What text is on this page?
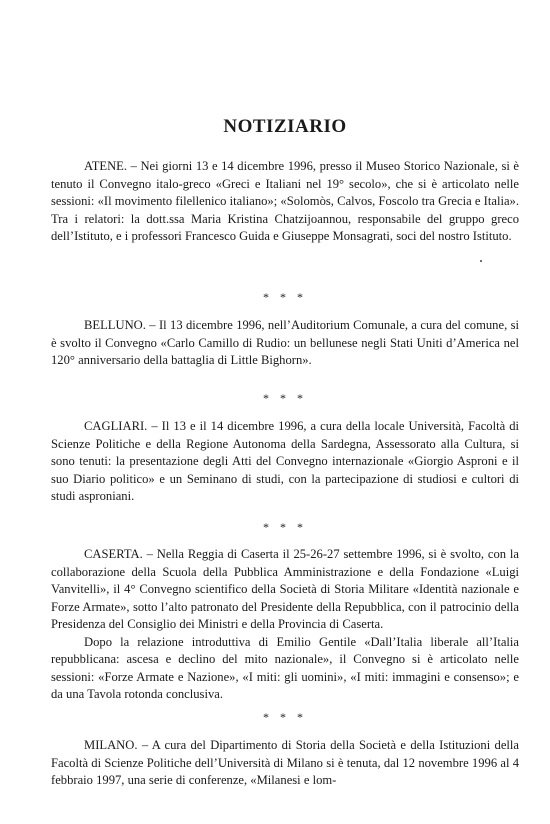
NOTIZIARIO

ATENE. – Nei giorni 13 e 14 dicembre 1996, presso il Museo Storico Nazionale, si è tenuto il Convegno italo-greco «Greci e Italiani nel 19° secolo», che si è articolato nelle sessioni: «Il movimento filellenico italiano»; «Solomòs, Calvos, Foscolo tra Grecia e Italia». Tra i relatori: la dott.ssa Maria Kristina Chatzijoannou, responsabile del gruppo greco dell’Istituto, e i professori Francesco Guida e Giuseppe Monsagrati, soci del nostro Istituto.

* * *

BELLUNO. – Il 13 dicembre 1996, nell’Auditorium Comunale, a cura del comune, si è svolto il Convegno «Carlo Camillo di Rudio: un bellunese negli Stati Uniti d’America nel 120° anniversario della battaglia di Little Bighorn».

* * *

CAGLIARI. – Il 13 e il 14 dicembre 1996, a cura della locale Università, Facoltà di Scienze Politiche e della Regione Autonoma della Sardegna, Assessorato alla Cultura, si sono tenuti: la presentazione degli Atti del Convegno internazionale «Giorgio Asproni e il suo Diario politico» e un Seminano di studi, con la partecipazione di studiosi e cultori di studi asproniani.

* * *

CASERTA. – Nella Reggia di Caserta il 25-26-27 settembre 1996, si è svolto, con la collaborazione della Scuola della Pubblica Amministrazione e della Fondazione «Luigi Vanvitelli», il 4° Convegno scientifico della Società di Storia Militare «Identità nazionale e Forze Armate», sotto l’alto patronato del Presidente della Repubblica, con il patrocinio della Presidenza del Consiglio dei Ministri e della Provincia di Caserta.

Dopo la relazione introduttiva di Emilio Gentile «Dall’Italia liberale all’Italia repubblicana: ascesa e declino del mito nazionale», il Convegno si è articolato nelle sessioni: «Forze Armate e Nazione», «I miti: gli uomini», «I miti: immagini e consenso»; e da una Tavola rotonda conclusiva.

* * *

MILANO. – A cura del Dipartimento di Storia della Società e della Istituzioni della Facoltà di Scienze Politiche dell’Università di Milano si è tenuta, dal 12 novembre 1996 al 4 febbraio 1997, una serie di conferenze, «Milanesi e lom-
